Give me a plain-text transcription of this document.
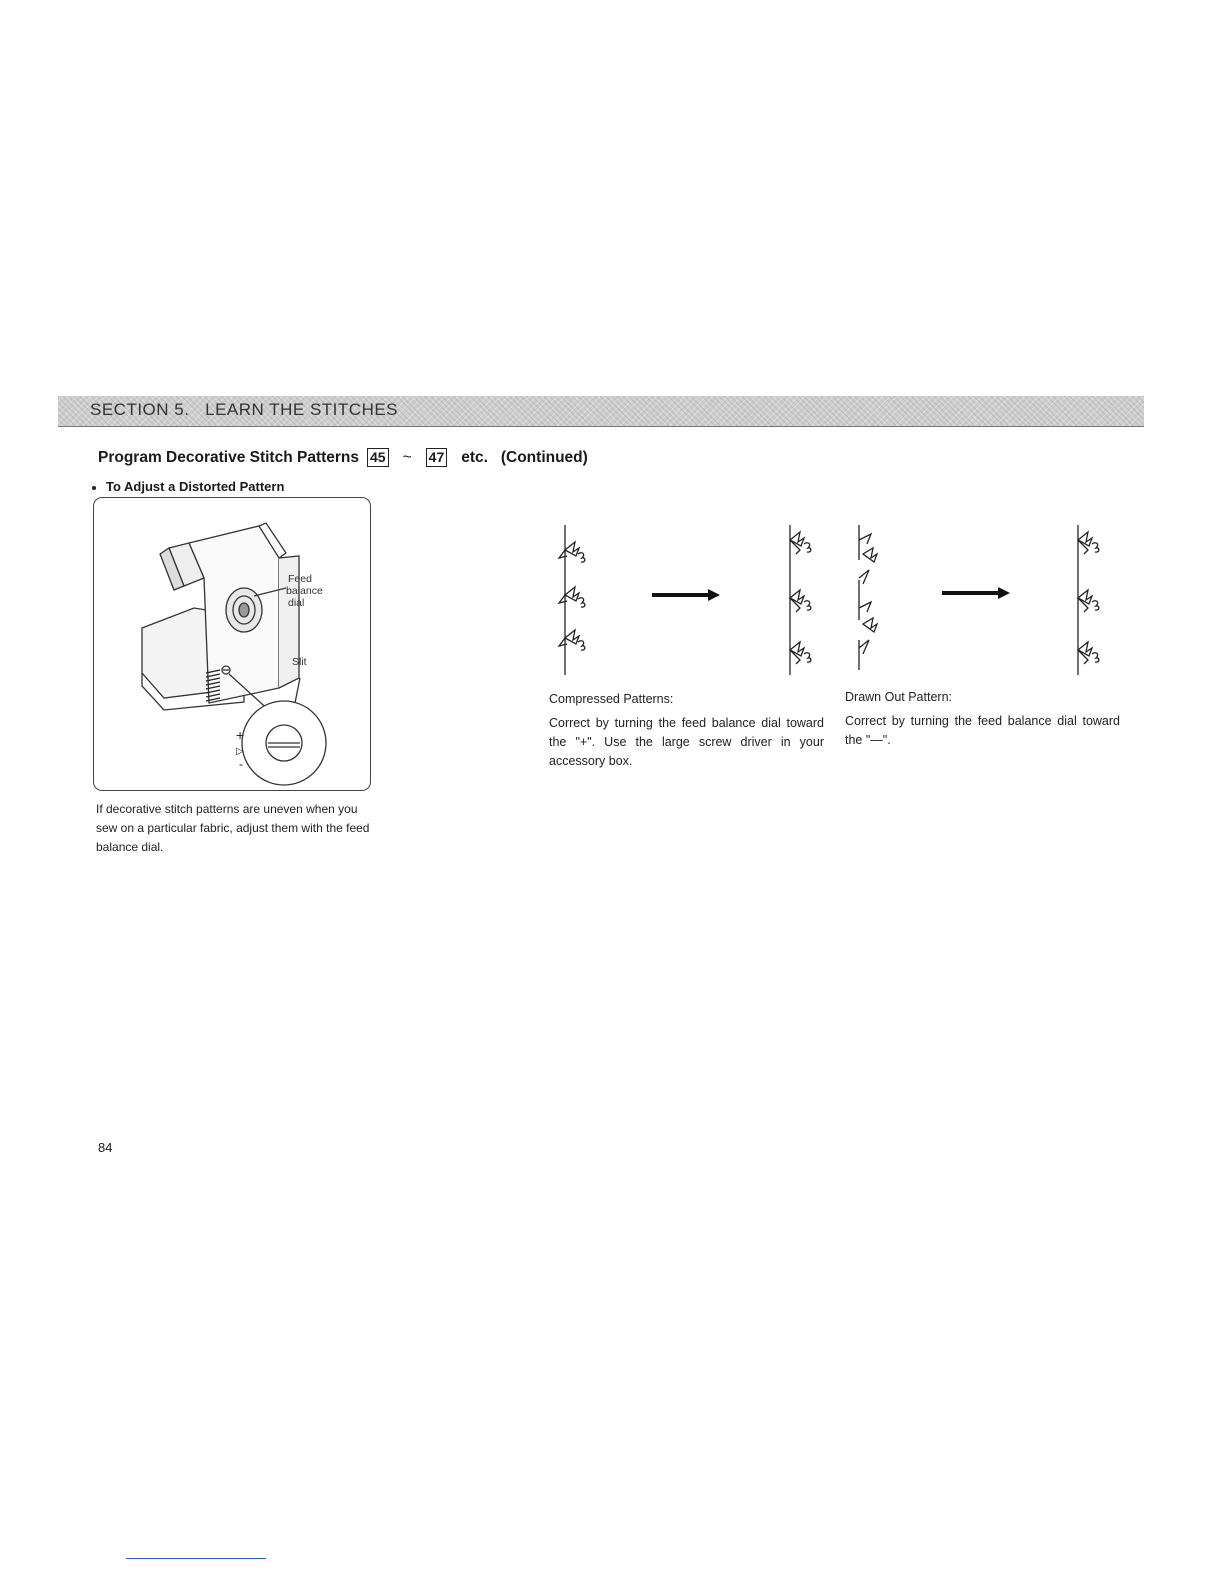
SECTION 5.   LEARN THE STITCHES
Program Decorative Stitch Patterns 45 ~ 47 etc.   (Continued)
To Adjust a Distorted Pattern
Feed
balance
dial
Slit
+
▷
-
If decorative stitch patterns are uneven when you sew on a particular fabric, adjust them with the feed balance dial.
Compressed Patterns:
Correct by turning the feed balance dial toward the "+". Use the large screw driver in your accessory box.
Drawn Out Pattern:
Correct by turning the feed balance dial toward the "—".
84
